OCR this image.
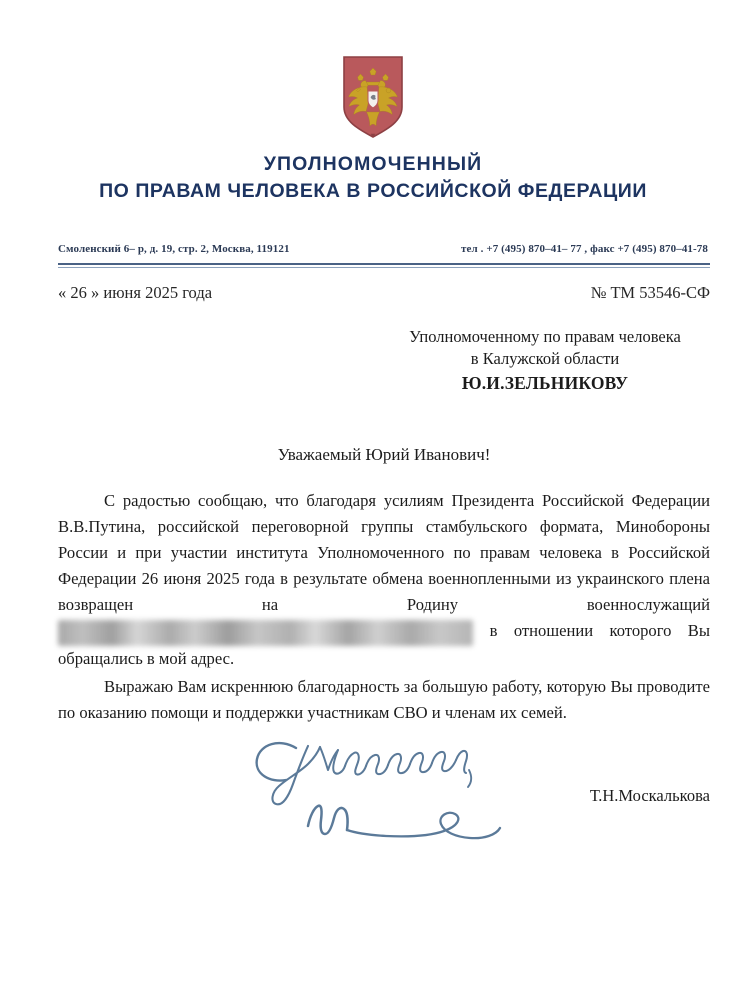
УПОЛНОМОЧЕННЫЙ
ПО ПРАВАМ ЧЕЛОВЕКА В РОССИЙСКОЙ ФЕДЕРАЦИИ
Смоленский 6– р, д. 19, стр. 2, Москва, 119121	тел . +7 (495) 870–41– 77 , факс +7 (495) 870–41-78
« 26 » июня 2025 года	№ ТМ 53546-СФ
Уполномоченному по правам человека
в Калужской области
Ю.И.ЗЕЛЬНИКОВУ
Уважаемый Юрий Иванович!

С радостью сообщаю, что благодаря усилиям Президента Российской Федерации В.В.Путина, российской переговорной группы стамбульского формата, Минобороны России и при участии института Уполномоченного по правам человека в Российской Федерации 26 июня 2025 года в результате обмена военнопленными из украинского плена возвращен на Родину военнослужащий  в отношении которого Вы обращались в мой адрес.

Выражаю Вам искреннюю благодарность за большую работу, которую Вы проводите по оказанию помощи и поддержки участникам СВО и членам их семей.

Т.Н.Москалькова
